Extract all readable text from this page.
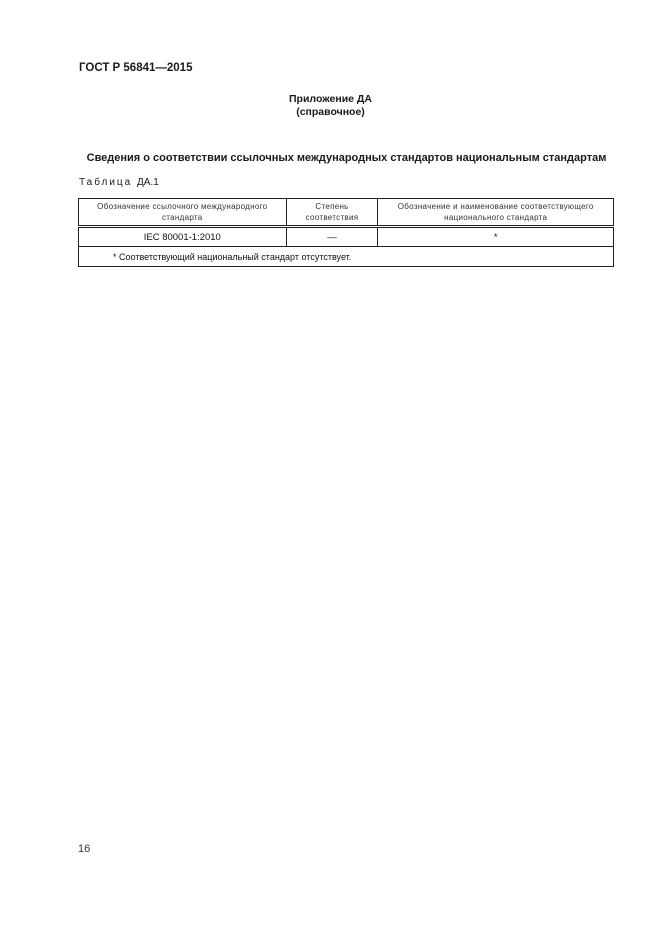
ГОСТ Р 56841—2015
Приложение ДА
(справочное)
Сведения о соответствии ссылочных международных стандартов национальным стандартам
Таблица ДА.1
Обозначение ссылочного международного стандарта	Степень соответствия	Обозначение и наименование соответствующего национального стандарта
IEC 80001-1:2010	—	*
* Соответствующий национальный стандарт отсутствует.		
16
